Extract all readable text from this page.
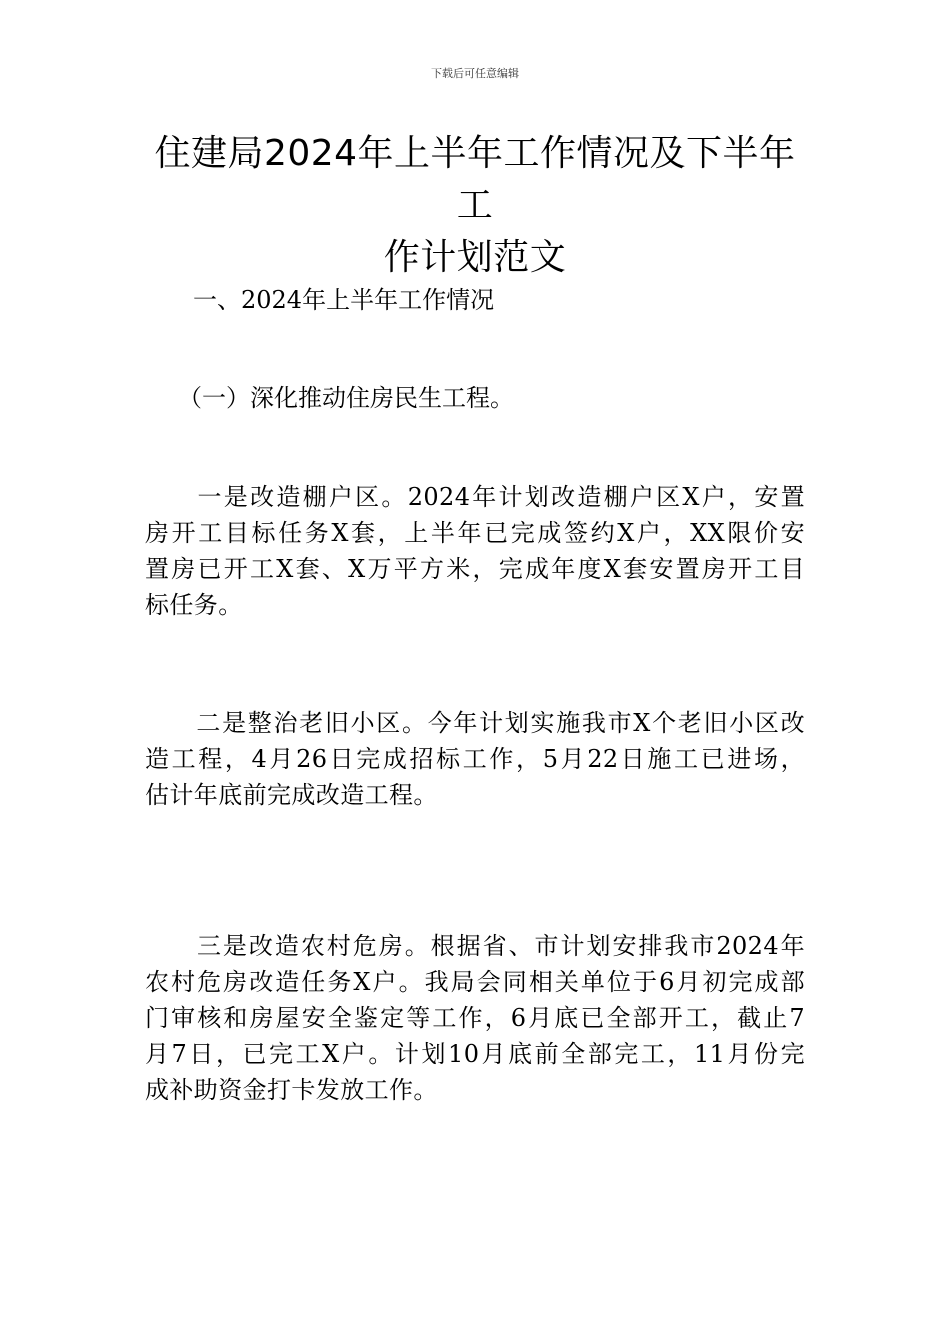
下载后可任意编辑
住建局2024年上半年工作情况及下半年工
作计划范文
一、2024年上半年工作情况
（一）深化推动住房民生工程。
　　一是改造棚户区。2024年计划改造棚户区X户，安置
房开工目标任务X套，上半年已完成签约X户，XX限价安
置房已开工X套、X万平方米，完成年度X套安置房开工目
标任务。
　　二是整治老旧小区。今年计划实施我市X个老旧小区改
造工程，4月26日完成招标工作，5月22日施工已进场，
估计年底前完成改造工程。
　　三是改造农村危房。根据省、市计划安排我市2024年
农村危房改造任务X户。我局会同相关单位于6月初完成部
门审核和房屋安全鉴定等工作，6月底已全部开工，截止7
月7日，已完工X户。计划10月底前全部完工，11月份完
成补助资金打卡发放工作。
